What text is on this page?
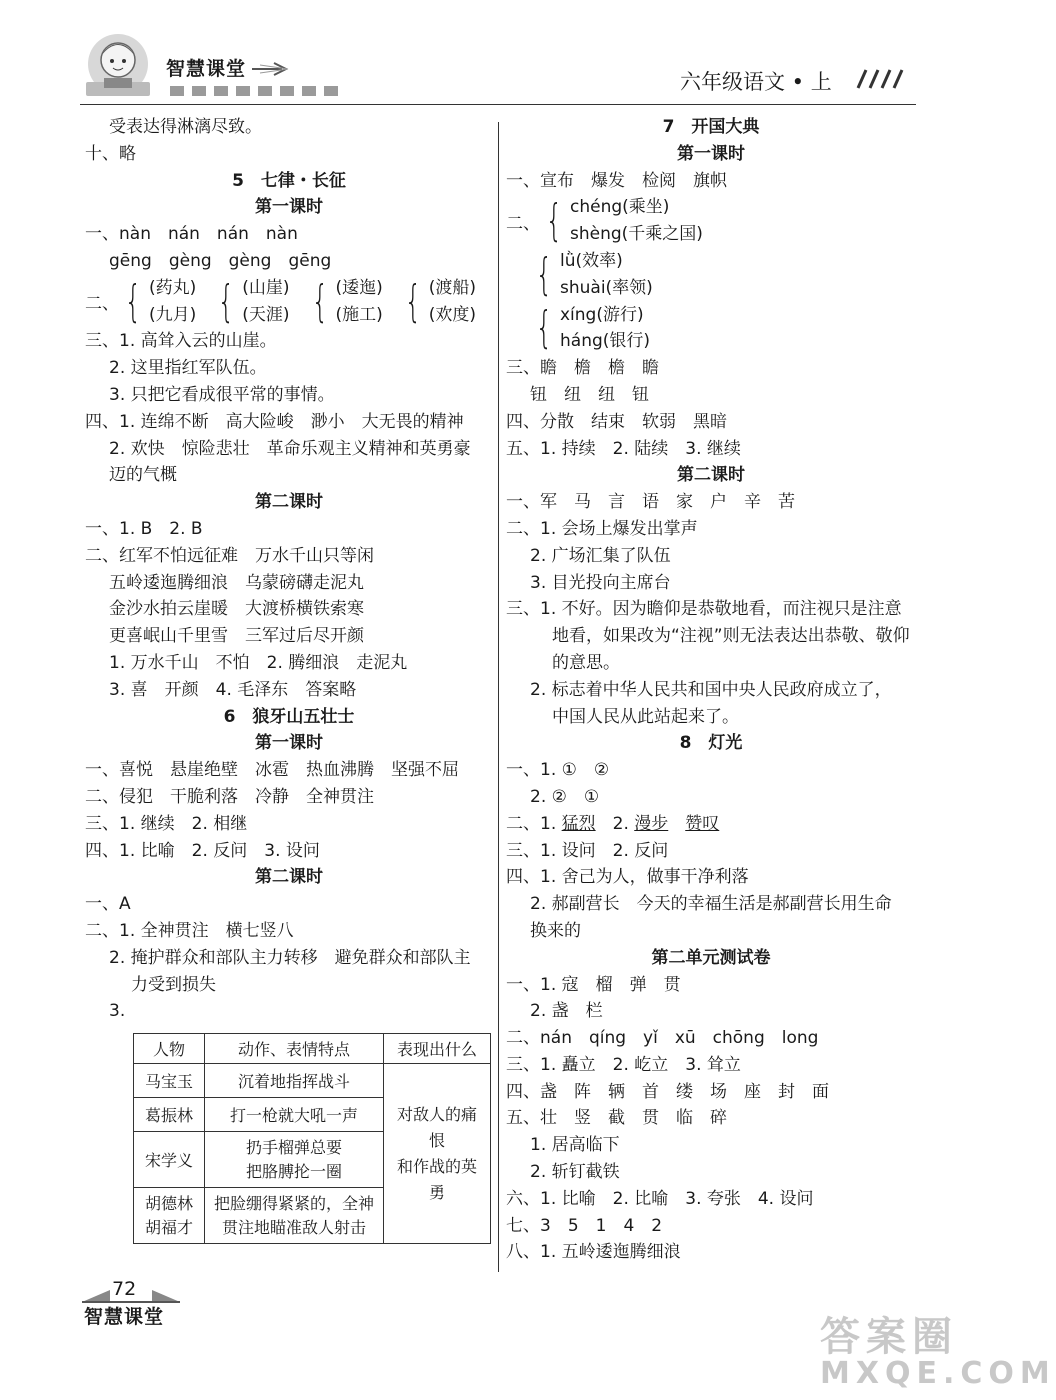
智慧课堂
六年级语文 • 上
受表达得淋漓尽致。
十、略
5　七律・长征
第一课时
一、nàn　nán　nán　nàn
gēng　gèng　gèng　gēng
二、 { (药丸)
(九月) { (山崖)
(天涯) { (逶迤)
(施工) { (渡船)
(欢度)
三、1. 高耸入云的山崖。
2. 这里指红军队伍。
3. 只把它看成很平常的事情。
四、1. 连绵不断　高大险峻　渺小　大无畏的精神
2. 欢快　惊险悲壮　革命乐观主义精神和英勇豪
迈的气概
第二课时
一、1. B　2. B
二、红军不怕远征难　万水千山只等闲
五岭逶迤腾细浪　乌蒙磅礴走泥丸
金沙水拍云崖暖　大渡桥横铁索寒
更喜岷山千里雪　三军过后尽开颜
1. 万水千山　不怕　2. 腾细浪　走泥丸
3. 喜　开颜　4. 毛泽东　答案略
6　狼牙山五壮士
第一课时
一、喜悦　悬崖绝壁　冰雹　热血沸腾　坚强不屈
二、侵犯　干脆利落　冷静　全神贯注
三、1. 继续　2. 相继
四、1. 比喻　2. 反问　3. 设问
第二课时
一、A
二、1. 全神贯注　横七竖八
2. 掩护群众和部队主力转移　避免群众和部队主
力受到损失
3.
人物	动作、表情特点	表现出什么
马宝玉	沉着地指挥战斗	对敌人的痛恨
和作战的英勇
葛振林	打一枪就大吼一声	
宋学义	扔手榴弹总要
把胳膊抡一圈	
胡德林
胡福才	把脸绷得紧紧的，全神
贯注地瞄准敌人射击	
7　开国大典
第一课时
一、宣布　爆发　检阅　旗帜
二、 { chéng(乘坐)
shèng(千乘之国)
{ lǜ(效率)
shuài(率领)
{ xíng(游行)
háng(银行)
三、瞻　檐　檐　瞻
钮　纽　纽　钮
四、分散　结束　软弱　黑暗
五、1. 持续　2. 陆续　3. 继续
第二课时
一、军　马　言　语　家　户　辛　苦
二、1. 会场上爆发出掌声
2. 广场汇集了队伍
3. 目光投向主席台
三、1. 不好。因为瞻仰是恭敬地看，而注视只是注意
地看，如果改为“注视”则无法表达出恭敬、敬仰
的意思。
2. 标志着中华人民共和国中央人民政府成立了，
中国人民从此站起来了。
8　灯光
一、1. ①　②
2. ②　①
二、1. 猛烈　2. 漫步　 赞叹
三、1. 设问　2. 反问
四、1. 舍己为人，做事干净利落
2. 郝副营长　今天的幸福生活是郝副营长用生命
换来的
第二单元测试卷
一、1. 寇　榴　弹　贯
2. 盏　栏
二、nán　qíng　yǐ　xū　chōng　long
三、1. 矗立　2. 屹立　3. 耸立
四、盏　阵　辆　首　缕　场　座　封　面
五、壮　竖　截　贯　临　碎
1. 居高临下
2. 斩钉截铁
六、1. 比喻　2. 比喻　3. 夸张　4. 设问
七、3　5　1　4　2
八、1. 五岭逶迤腾细浪
72
智慧课堂	答案圈
MXQE.COM
